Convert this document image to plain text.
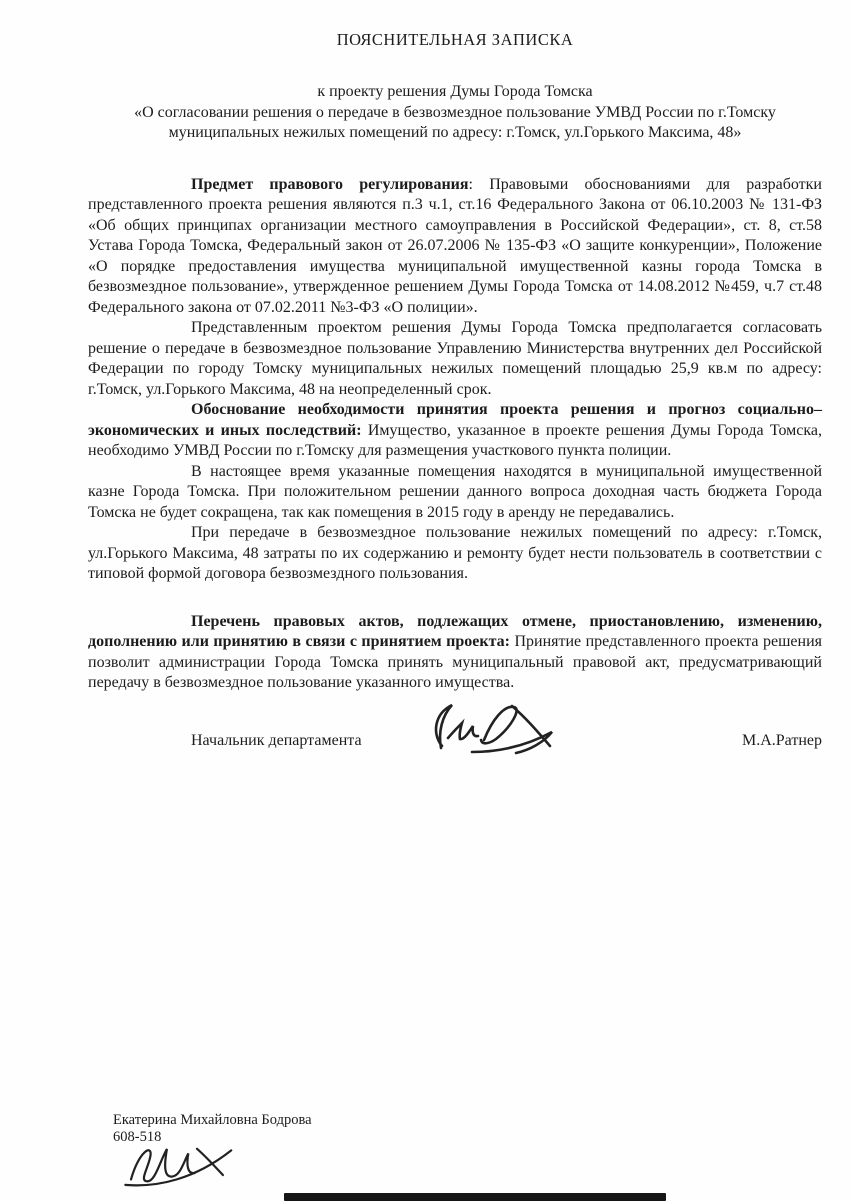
ПОЯСНИТЕЛЬНАЯ ЗАПИСКА
к проекту решения Думы Города Томска
«О согласовании решения о передаче в безвозмездное пользование УМВД России по г.Томску муниципальных нежилых помещений по адресу: г.Томск, ул.Горького Максима, 48»

Предмет правового регулирования: Правовыми обоснованиями для разработки представленного проекта решения являются п.3 ч.1, ст.16 Федерального Закона от 06.10.2003 № 131-ФЗ «Об общих принципах организации местного самоуправления в Российской Федерации», ст. 8, ст.58 Устава Города Томска, Федеральный закон от 26.07.2006 № 135-ФЗ «О защите конкуренции», Положение «О порядке предоставления имущества муниципальной имущественной казны города Томска в безвозмездное пользование», утвержденное решением Думы Города Томска от 14.08.2012 №459, ч.7 ст.48 Федерального закона от 07.02.2011 №3-ФЗ «О полиции».

Представленным проектом решения Думы Города Томска предполагается согласовать решение о передаче в безвозмездное пользование Управлению Министерства внутренних дел Российской Федерации по городу Томску муниципальных нежилых помещений площадью 25,9 кв.м по адресу: г.Томск, ул.Горького Максима, 48 на неопределенный срок.

Обоснование необходимости принятия проекта решения и прогноз социально–экономических и иных последствий: Имущество, указанное в проекте решения Думы Города Томска, необходимо УМВД России по г.Томску для размещения участкового пункта полиции.

В настоящее время указанные помещения находятся в муниципальной имущественной казне Города Томска. При положительном решении данного вопроса доходная часть бюджета Города Томска не будет сокращена, так как помещения в 2015 году в аренду не передавались.

При передаче в безвозмездное пользование нежилых помещений по адресу: г.Томск, ул.Горького Максима, 48 затраты по их содержанию и ремонту будет нести пользователь в соответствии с типовой формой договора безвозмездного пользования.

Перечень правовых актов, подлежащих отмене, приостановлению, изменению, дополнению или принятию в связи с принятием проекта: Принятие представленного проекта решения позволит администрации Города Томска принять муниципальный правовой акт, предусматривающий передачу в безвозмездное пользование указанного имущества.

Начальник департамента	М.А.Ратнер
Екатерина Михайловна Бодрова
608-518
